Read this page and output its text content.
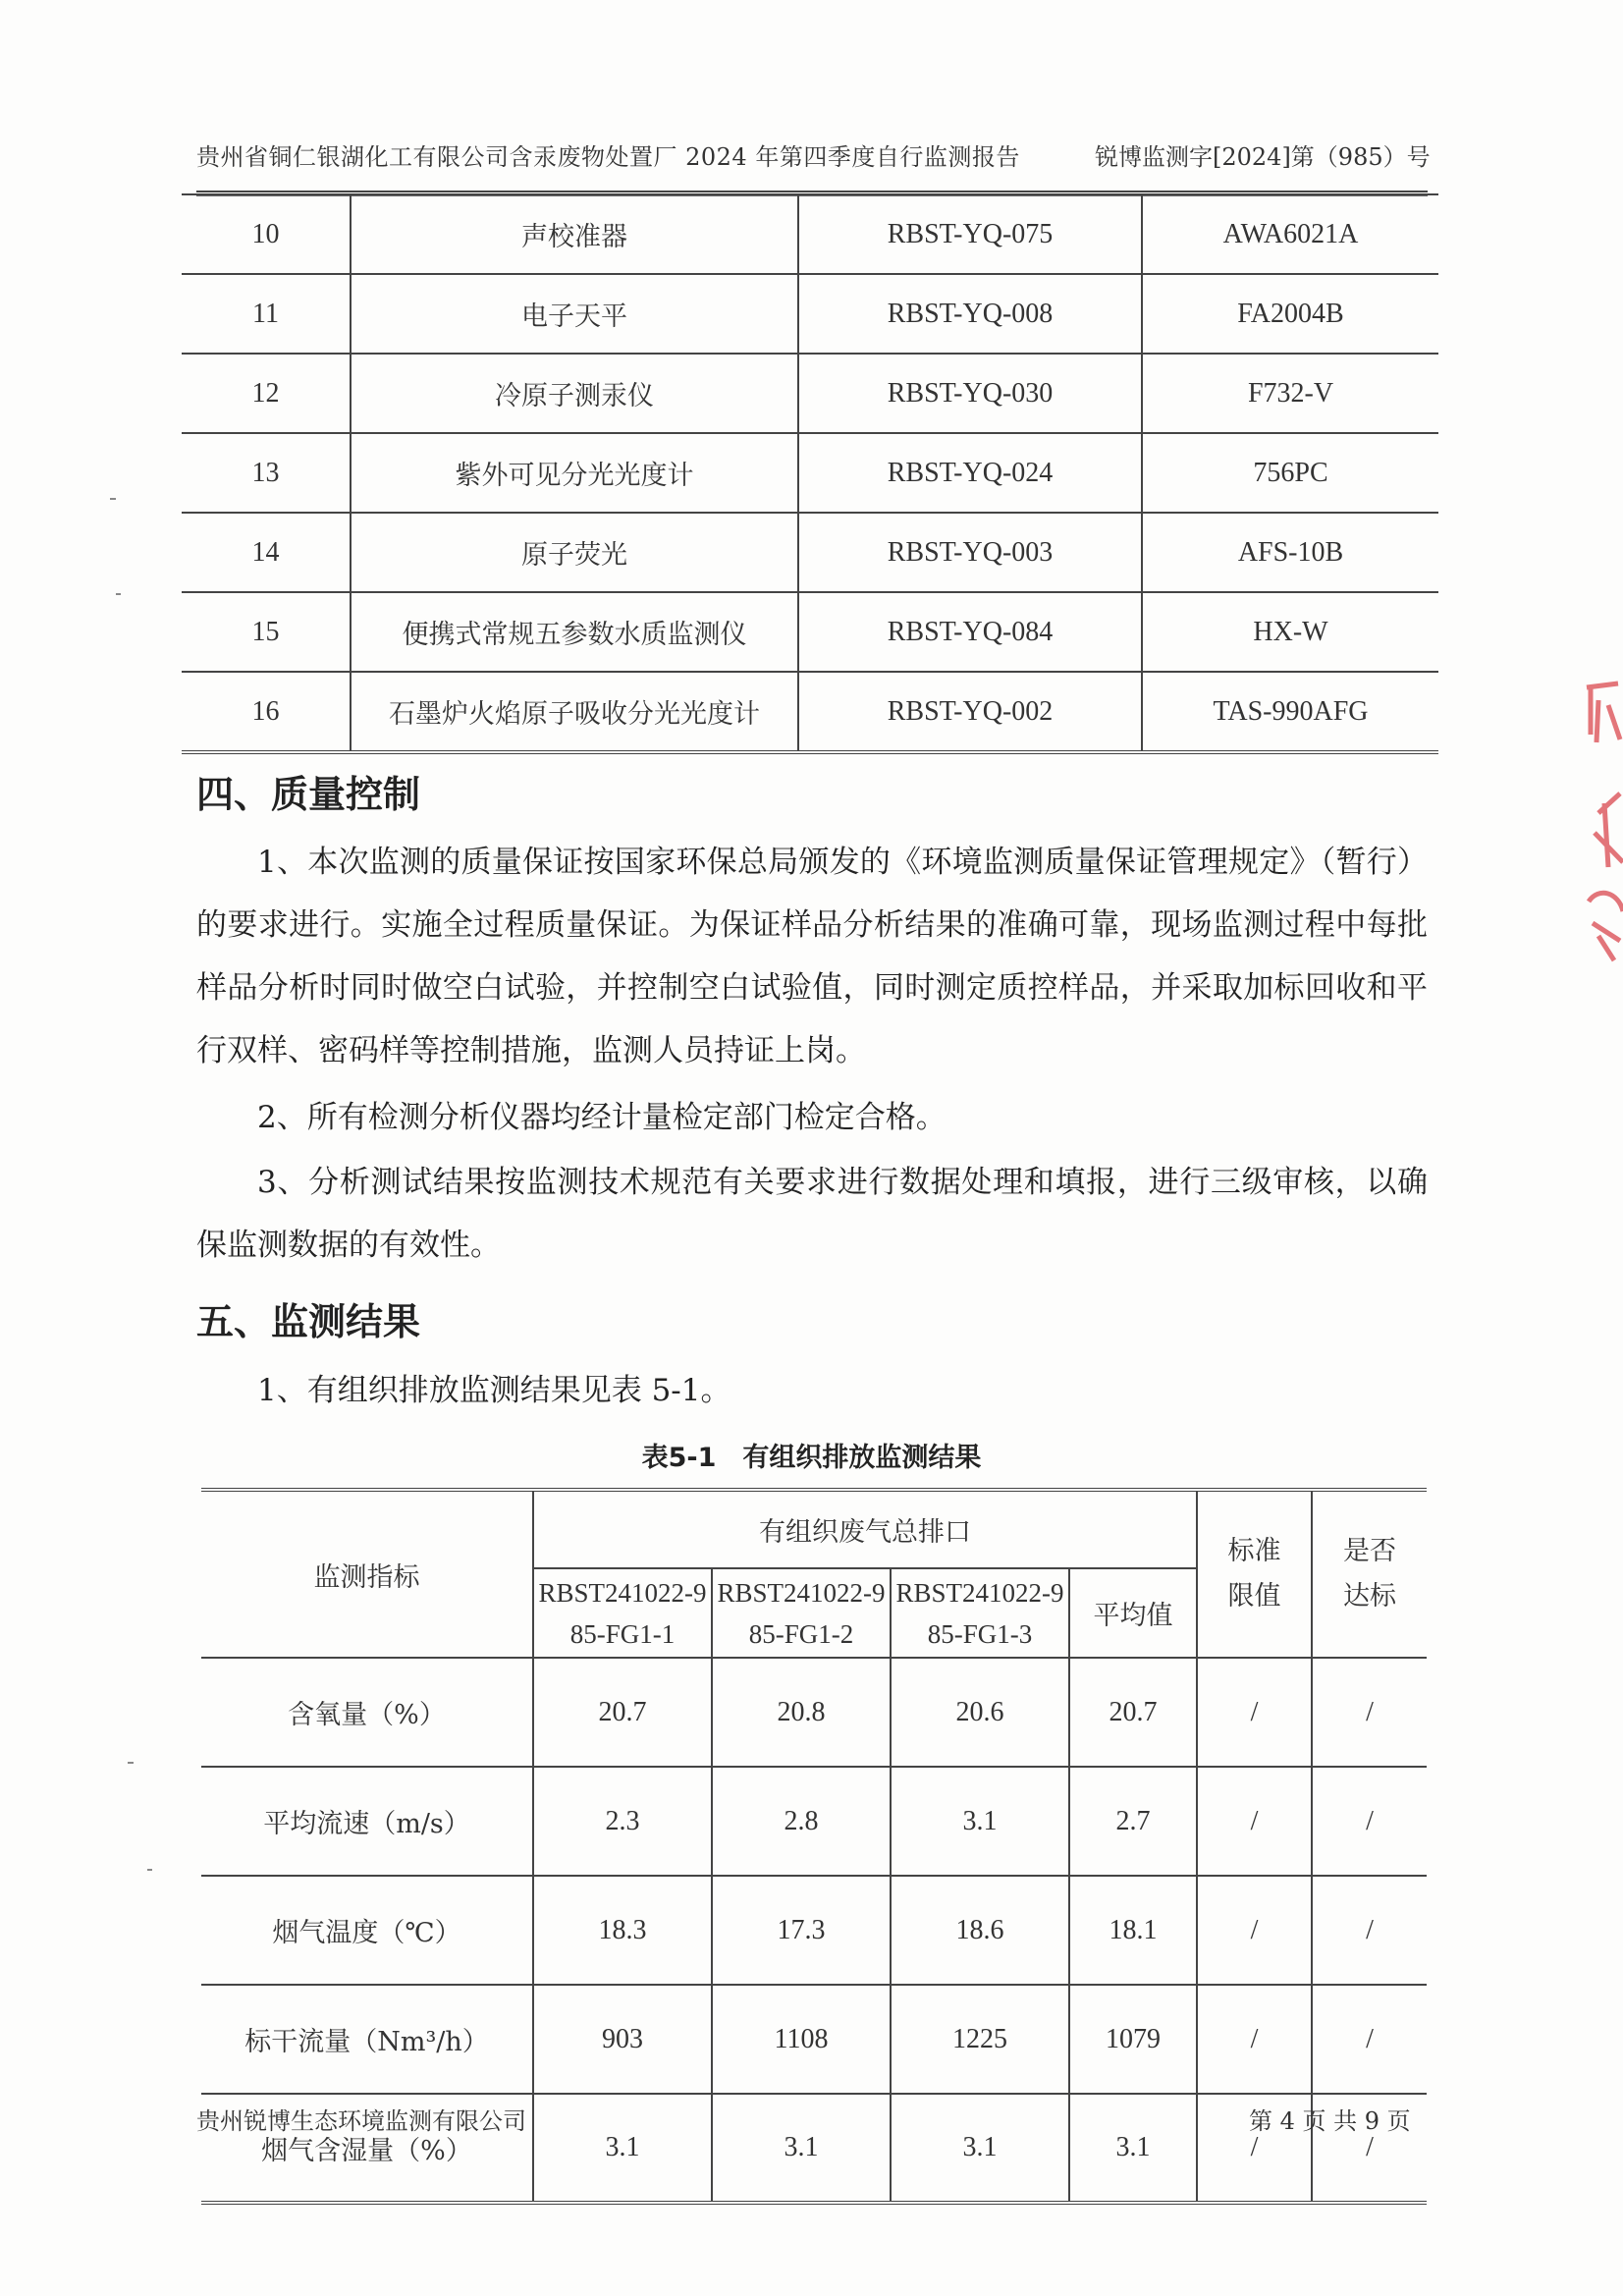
贵州省铜仁银湖化工有限公司含汞废物处置厂 2024 年第四季度自行监测报告	锐博监测字[2024]第（985）号
10	声校准器	RBST-YQ-075	AWA6021A
11	电子天平	RBST-YQ-008	FA2004B
12	冷原子测汞仪	RBST-YQ-030	F732-V
13	紫外可见分光光度计	RBST-YQ-024	756PC
14	原子荧光	RBST-YQ-003	AFS-10B
15	便携式常规五参数水质监测仪	RBST-YQ-084	HX-W
16	石墨炉火焰原子吸收分光光度计	RBST-YQ-002	TAS-990AFG
四、质量控制
1、本次监测的质量保证按国家环保总局颁发的《环境监测质量保证管理规定》（暂行）的要求进行。实施全过程质量保证。为保证样品分析结果的准确可靠，现场监测过程中每批样品分析时同时做空白试验，并控制空白试验值，同时测定质控样品，并采取加标回收和平行双样、密码样等控制措施，监测人员持证上岗。
2、所有检测分析仪器均经计量检定部门检定合格。
3、分析测试结果按监测技术规范有关要求进行数据处理和填报，进行三级审核，以确保监测数据的有效性。
五、监测结果
1、有组织排放监测结果见表 5-1。
表5-1　有组织排放监测结果
监测指标	有组织废气总排口				标准限值	是否达标

	RBST241022-985-FG1-1	RBST241022-985-FG1-2	RBST241022-985-FG1-3	平均值		
含氧量（%）	20.7	20.8	20.6	20.7	/	/
平均流速（m/s）	2.3	2.8	3.1	2.7	/	/
烟气温度（℃）	18.3	17.3	18.6	18.1	/	/
标干流量（Nm³/h）	903	1108	1225	1079	/	/
烟气含湿量（%）	3.1	3.1	3.1	3.1	/	/
贵州锐博生态环境监测有限公司	第 4 页 共 9 页
